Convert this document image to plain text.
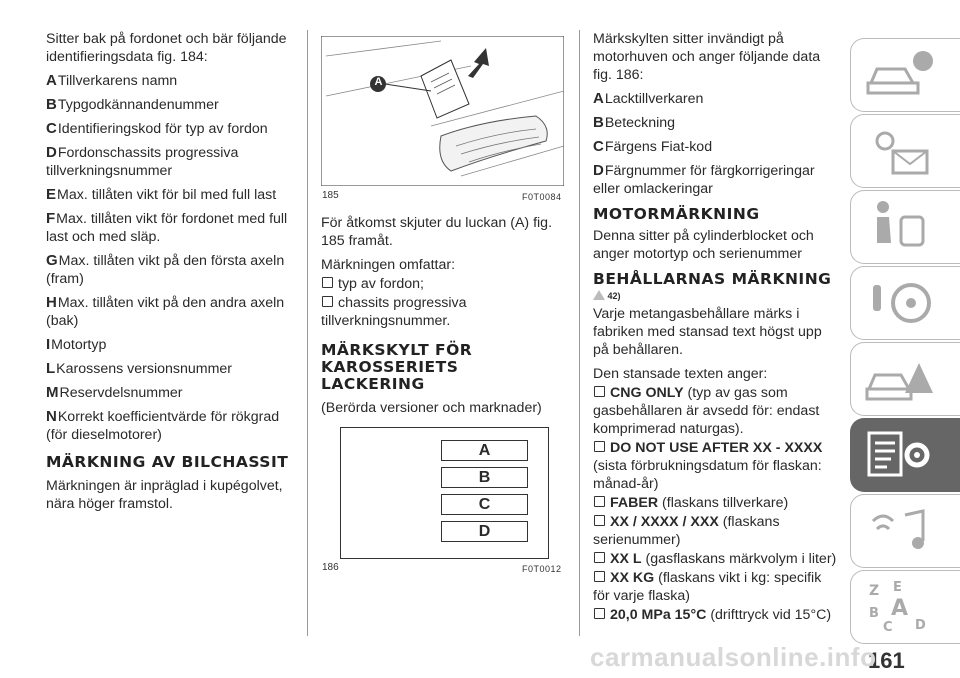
Sitter bak på fordonet och bär följande identifieringsdata fig. 184:

ATillverkarens namn

BTypgodkännandenummer

CIdentifieringskod för typ av fordon

DFordonschassits progressiva tillverkningsnummer

EMax. tillåten vikt för bil med full last

FMax. tillåten vikt för fordonet med full last och med släp.

GMax. tillåten vikt på den första axeln (fram)

HMax. tillåten vikt på den andra axeln (bak)

IMotortyp

LKarossens versionsnummer

MReservdelsnummer

NKorrekt koefficientvärde för rökgrad (för dieselmotorer)

MÄRKNING AV BILCHASSIT

Märkningen är inpräglad i kupégolvet, nära höger framstol.

A
185	F0T0084

För åtkomst skjuter du luckan (A) fig. 185 framåt.

Märkningen omfattar:

typ av fordon;

chassits progressiva tillverkningsnummer.

MÄRKSKYLT FÖR KAROSSERIETS LACKERING

(Berörda versioner och marknader)

A
B
C
D
186	F0T0012

Märkskylten sitter invändigt på motorhuven och anger följande data fig. 186:

ALacktillverkaren

BBeteckning

CFärgens Fiat-kod

DFärgnummer för färgkorrigeringar eller omlackeringar

MOTORMÄRKNING

Denna sitter på cylinderblocket och anger motortyp och serienummer

BEHÅLLARNAS MÄRKNING
42)

Varje metangasbehållare märks i fabriken med stansad text högst upp på behållaren.

Den stansade texten anger:

CNG ONLY (typ av gas som gasbehållaren är avsedd för: endast komprimerad naturgas).

DO NOT USE AFTER XX - XXXX (sista förbrukningsdatum för flaskan: månad-år)

FABER (flaskans tillverkare)

XX / XXXX / XXX (flaskans serienummer)

XX L (gasflaskans märkvolym i liter)

XX KG (flaskans vikt i kg: specifik för varje flaska)

20,0 MPa 15°C (drifttryck vid 15°C)

Z E
B A
C D
161
carmanualsonline.info
